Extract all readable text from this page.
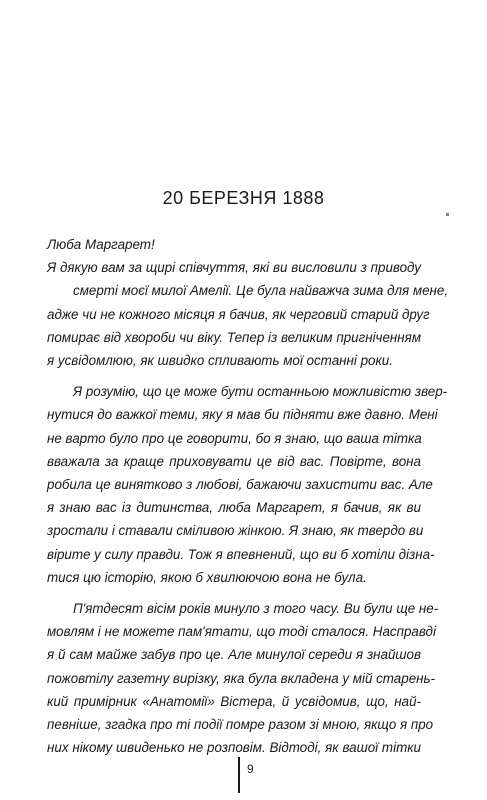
20 БЕРЕЗНЯ 1888
Люба Маргарет!
Я дякую вам за щирі співчуття, які ви висловили з приводу
смерті моєї милої Амелії. Це була найважча зима для мене,
адже чи не кожного місяця я бачив, як черговий старий друг
помирає від хвороби чи віку. Тепер із великим пригніченням
я усвідомлюю, як швидко спливають мої останні роки.
Я розумію, що це може бути останньою можливістю звер-
нутися до важкої теми, яку я мав би підняти вже давно. Мені
не варто було про це говорити, бо я знаю, що ваша тітка
вважала за краще приховувати це від вас. Повірте, вона
робила це винятково з любові, бажаючи захистити вас. Але
я знаю вас із дитинства, люба Маргарет, я бачив, як ви
зростали і ставали сміливою жінкою. Я знаю, як твердо ви
вірите у силу правди. Тож я впевнений, що ви б хотіли дізна-
тися цю історію, якою б хвилюючою вона не була.
П'ятдесят вісім років минуло з того часу. Ви були ще не-
мовлям і не можете пам'ятати, що тоді сталося. Насправді
я й сам майже забув про це. Але минулої середи я знайшов
пожовтілу газетну вирізку, яка була вкладена у мій старень-
кий примірник «Анатомії» Вістера, й усвідомив, що, най-
певніше, згадка про ті події помре разом зі мною, якщо я про
них нікому швиденько не розповім. Відтоді, як вашої тітки
9
